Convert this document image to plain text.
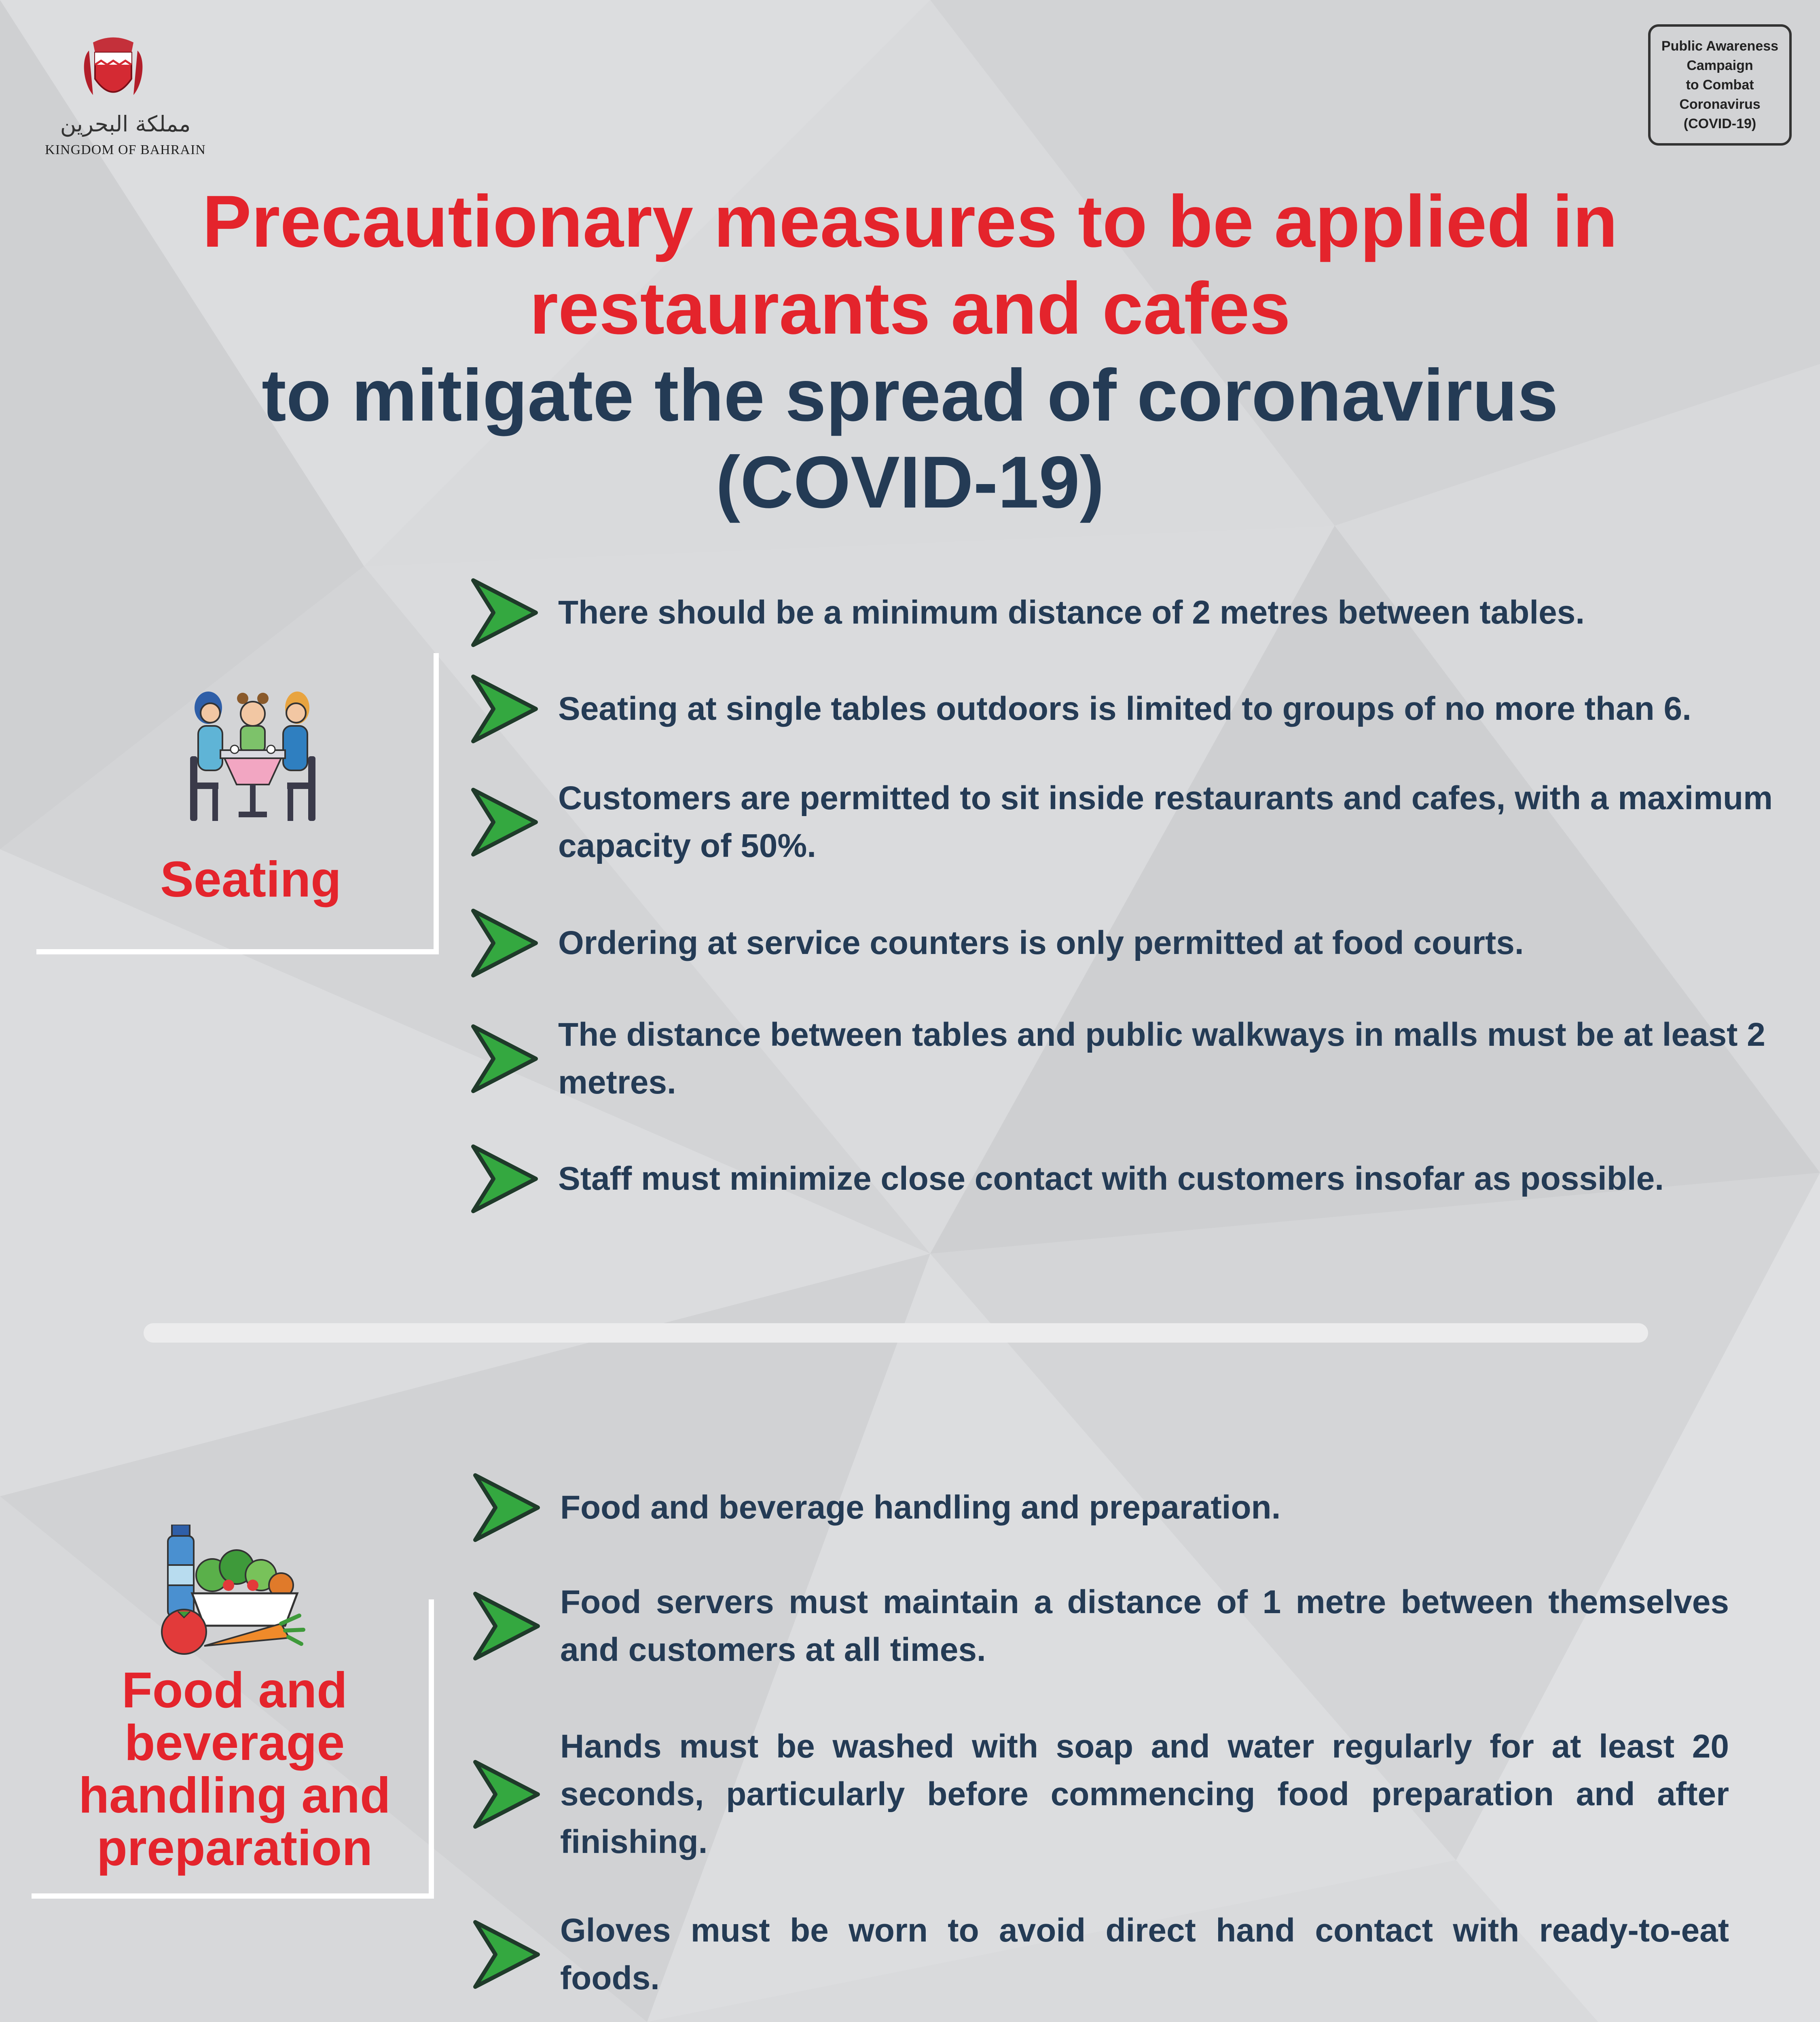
مملكة البحرين
KINGDOM OF BAHRAIN
Public Awareness
Campaign
to Combat
Coronavirus
(COVID-19)
Precautionary measures to be applied in
restaurants and cafes
to mitigate the spread of coronavirus
(COVID-19)
Seating
There should be a minimum distance of 2 metres between tables.
Seating at single tables outdoors is limited to groups of no more than 6.
Customers are permitted to sit inside restaurants and cafes, with a maximum capacity of 50%.
Ordering at service counters is only permitted at food courts.
The distance between tables and public walkways in malls must be at least 2 metres.
Staff must minimize close contact with customers insofar as possible.
Food and
beverage
handling and
preparation
Food and beverage handling and preparation.
Food servers must maintain a distance of 1 metre between themselves and customers at all times.
Hands must be washed with soap and water regularly for at least 20 seconds, particularly before commencing food preparation and after finishing.
Gloves must be worn to avoid direct hand contact with ready-to-eat foods.
